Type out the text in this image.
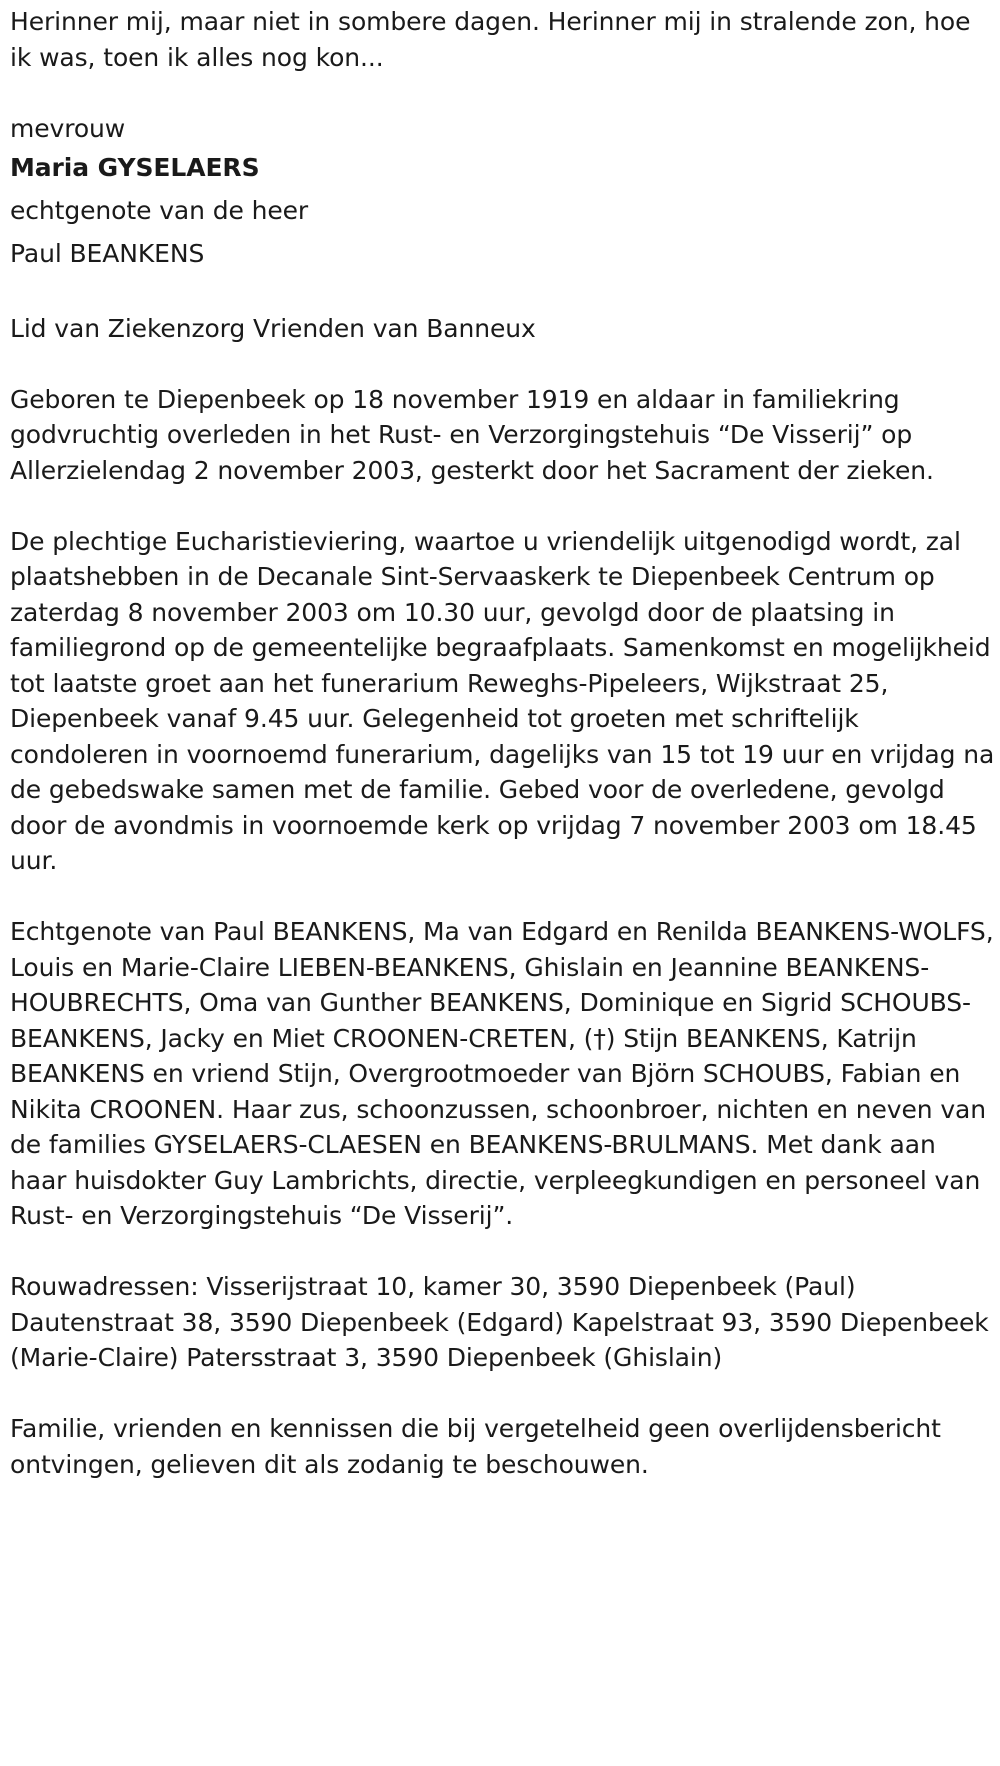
Herinner mij, maar niet in sombere dagen. Herinner mij in stralende zon, hoe ik was, toen ik alles nog kon...

mevrouw

Maria GYSELAERS

echtgenote van de heer

Paul BEANKENS

Lid van Ziekenzorg Vrienden van Banneux

Geboren te Diepenbeek op 18 november 1919 en aldaar in familiekring godvruchtig overleden in het Rust- en Verzorgingstehuis “De Visserij” op Allerzielendag 2 november 2003, gesterkt door het Sacrament der zieken.

De plechtige Eucharistieviering, waartoe u vriendelijk uitgenodigd wordt, zal plaatshebben in de Decanale Sint-Servaaskerk te Diepenbeek Centrum op zaterdag 8 november 2003 om 10.30 uur, gevolgd door de plaatsing in familiegrond op de gemeentelijke begraafplaats. Samenkomst en mogelijkheid tot laatste groet aan het funerarium Reweghs-Pipeleers, Wijkstraat 25, Diepenbeek vanaf 9.45 uur. Gelegenheid tot groeten met schriftelijk condoleren in voornoemd funerarium, dagelijks van 15 tot 19 uur en vrijdag na de gebedswake samen met de familie. Gebed voor de overledene, gevolgd door de avondmis in voornoemde kerk op vrijdag 7 november 2003 om 18.45 uur.

Echtgenote van Paul BEANKENS, Ma van Edgard en Renilda BEANKENS-WOLFS, Louis en Marie-Claire LIEBEN-BEANKENS, Ghislain en Jeannine BEANKENS-HOUBRECHTS, Oma van Gunther BEANKENS, Dominique en Sigrid SCHOUBS-BEANKENS, Jacky en Miet CROONEN-CRETEN, (†) Stijn BEANKENS, Katrijn BEANKENS en vriend Stijn, Overgrootmoeder van Björn SCHOUBS, Fabian en Nikita CROONEN. Haar zus, schoonzussen, schoonbroer, nichten en neven van de families GYSELAERS-CLAESEN en BEANKENS-BRULMANS. Met dank aan haar huisdokter Guy Lambrichts, directie, verpleegkundigen en personeel van Rust- en Verzorgingstehuis “De Visserij”.

Rouwadressen: Visserijstraat 10, kamer 30, 3590 Diepenbeek (Paul) Dautenstraat 38, 3590 Diepenbeek (Edgard) Kapelstraat 93, 3590 Diepenbeek (Marie-Claire) Patersstraat 3, 3590 Diepenbeek (Ghislain)

Familie, vrienden en kennissen die bij vergetelheid geen overlijdensbericht ontvingen, gelieven dit als zodanig te beschouwen.
